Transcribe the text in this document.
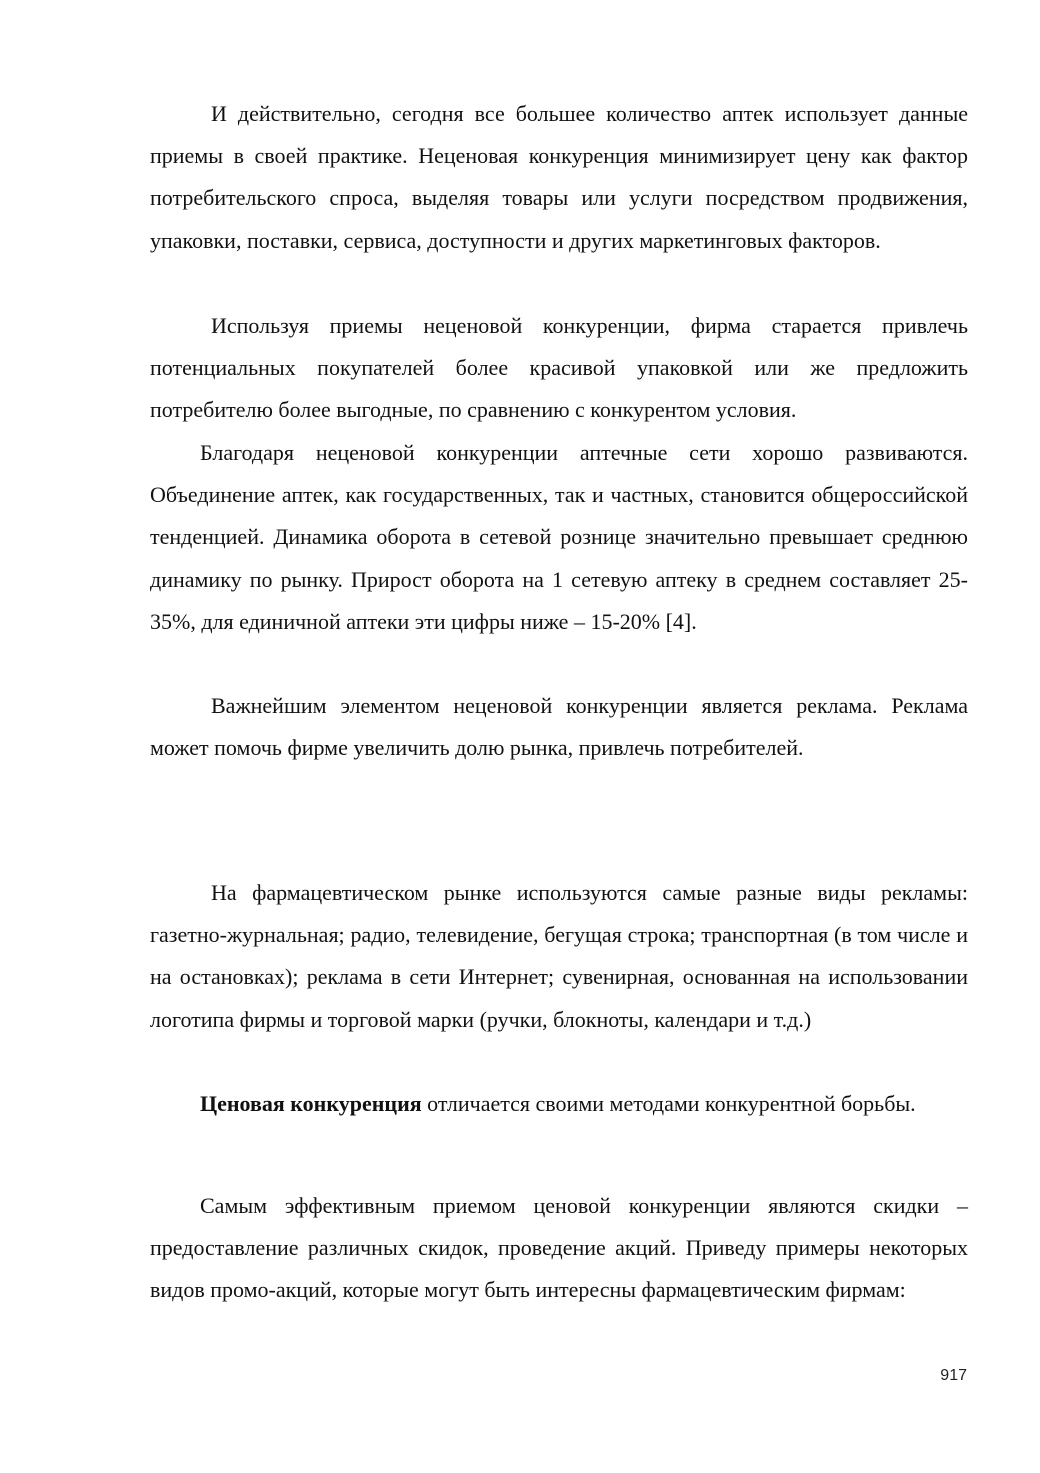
И действительно, сегодня все большее количество аптек использует данные приемы в своей практике. Неценовая конкуренция минимизирует цену как фактор потребительского спроса, выделяя товары или услуги посредством продвижения, упаковки, поставки, сервиса, доступности и других маркетинговых факторов.

Используя приемы неценовой конкуренции, фирма старается привлечь потенциальных покупателей более красивой упаковкой или же предложить потребителю более выгодные, по сравнению с конкурентом условия.

Благодаря неценовой конкуренции аптечные сети хорошо развиваются. Объединение аптек, как государственных, так и частных, становится общероссийской тенденцией. Динамика оборота в сетевой рознице значительно превышает среднюю динамику по рынку. Прирост оборота на 1 сетевую аптеку в среднем составляет 25-35%, для единичной аптеки эти цифры ниже – 15-20% [4].

Важнейшим элементом неценовой конкуренции является реклама. Реклама может помочь фирме увеличить долю рынка, привлечь потребителей.

На фармацевтическом рынке используются самые разные виды рекламы: газетно-журнальная; радио, телевидение, бегущая строка; транспортная (в том числе и на остановках); реклама в сети Интернет; сувенирная, основанная на использовании логотипа фирмы и торговой марки (ручки, блокноты, календари и т.д.)

Ценовая конкуренция отличается своими методами конкурентной борьбы.

Самым эффективным приемом ценовой конкуренции являются скидки – предоставление различных скидок, проведение акций. Приведу примеры некоторых видов промо-акций, которые могут быть интересны фармацевтическим фирмам:

917
